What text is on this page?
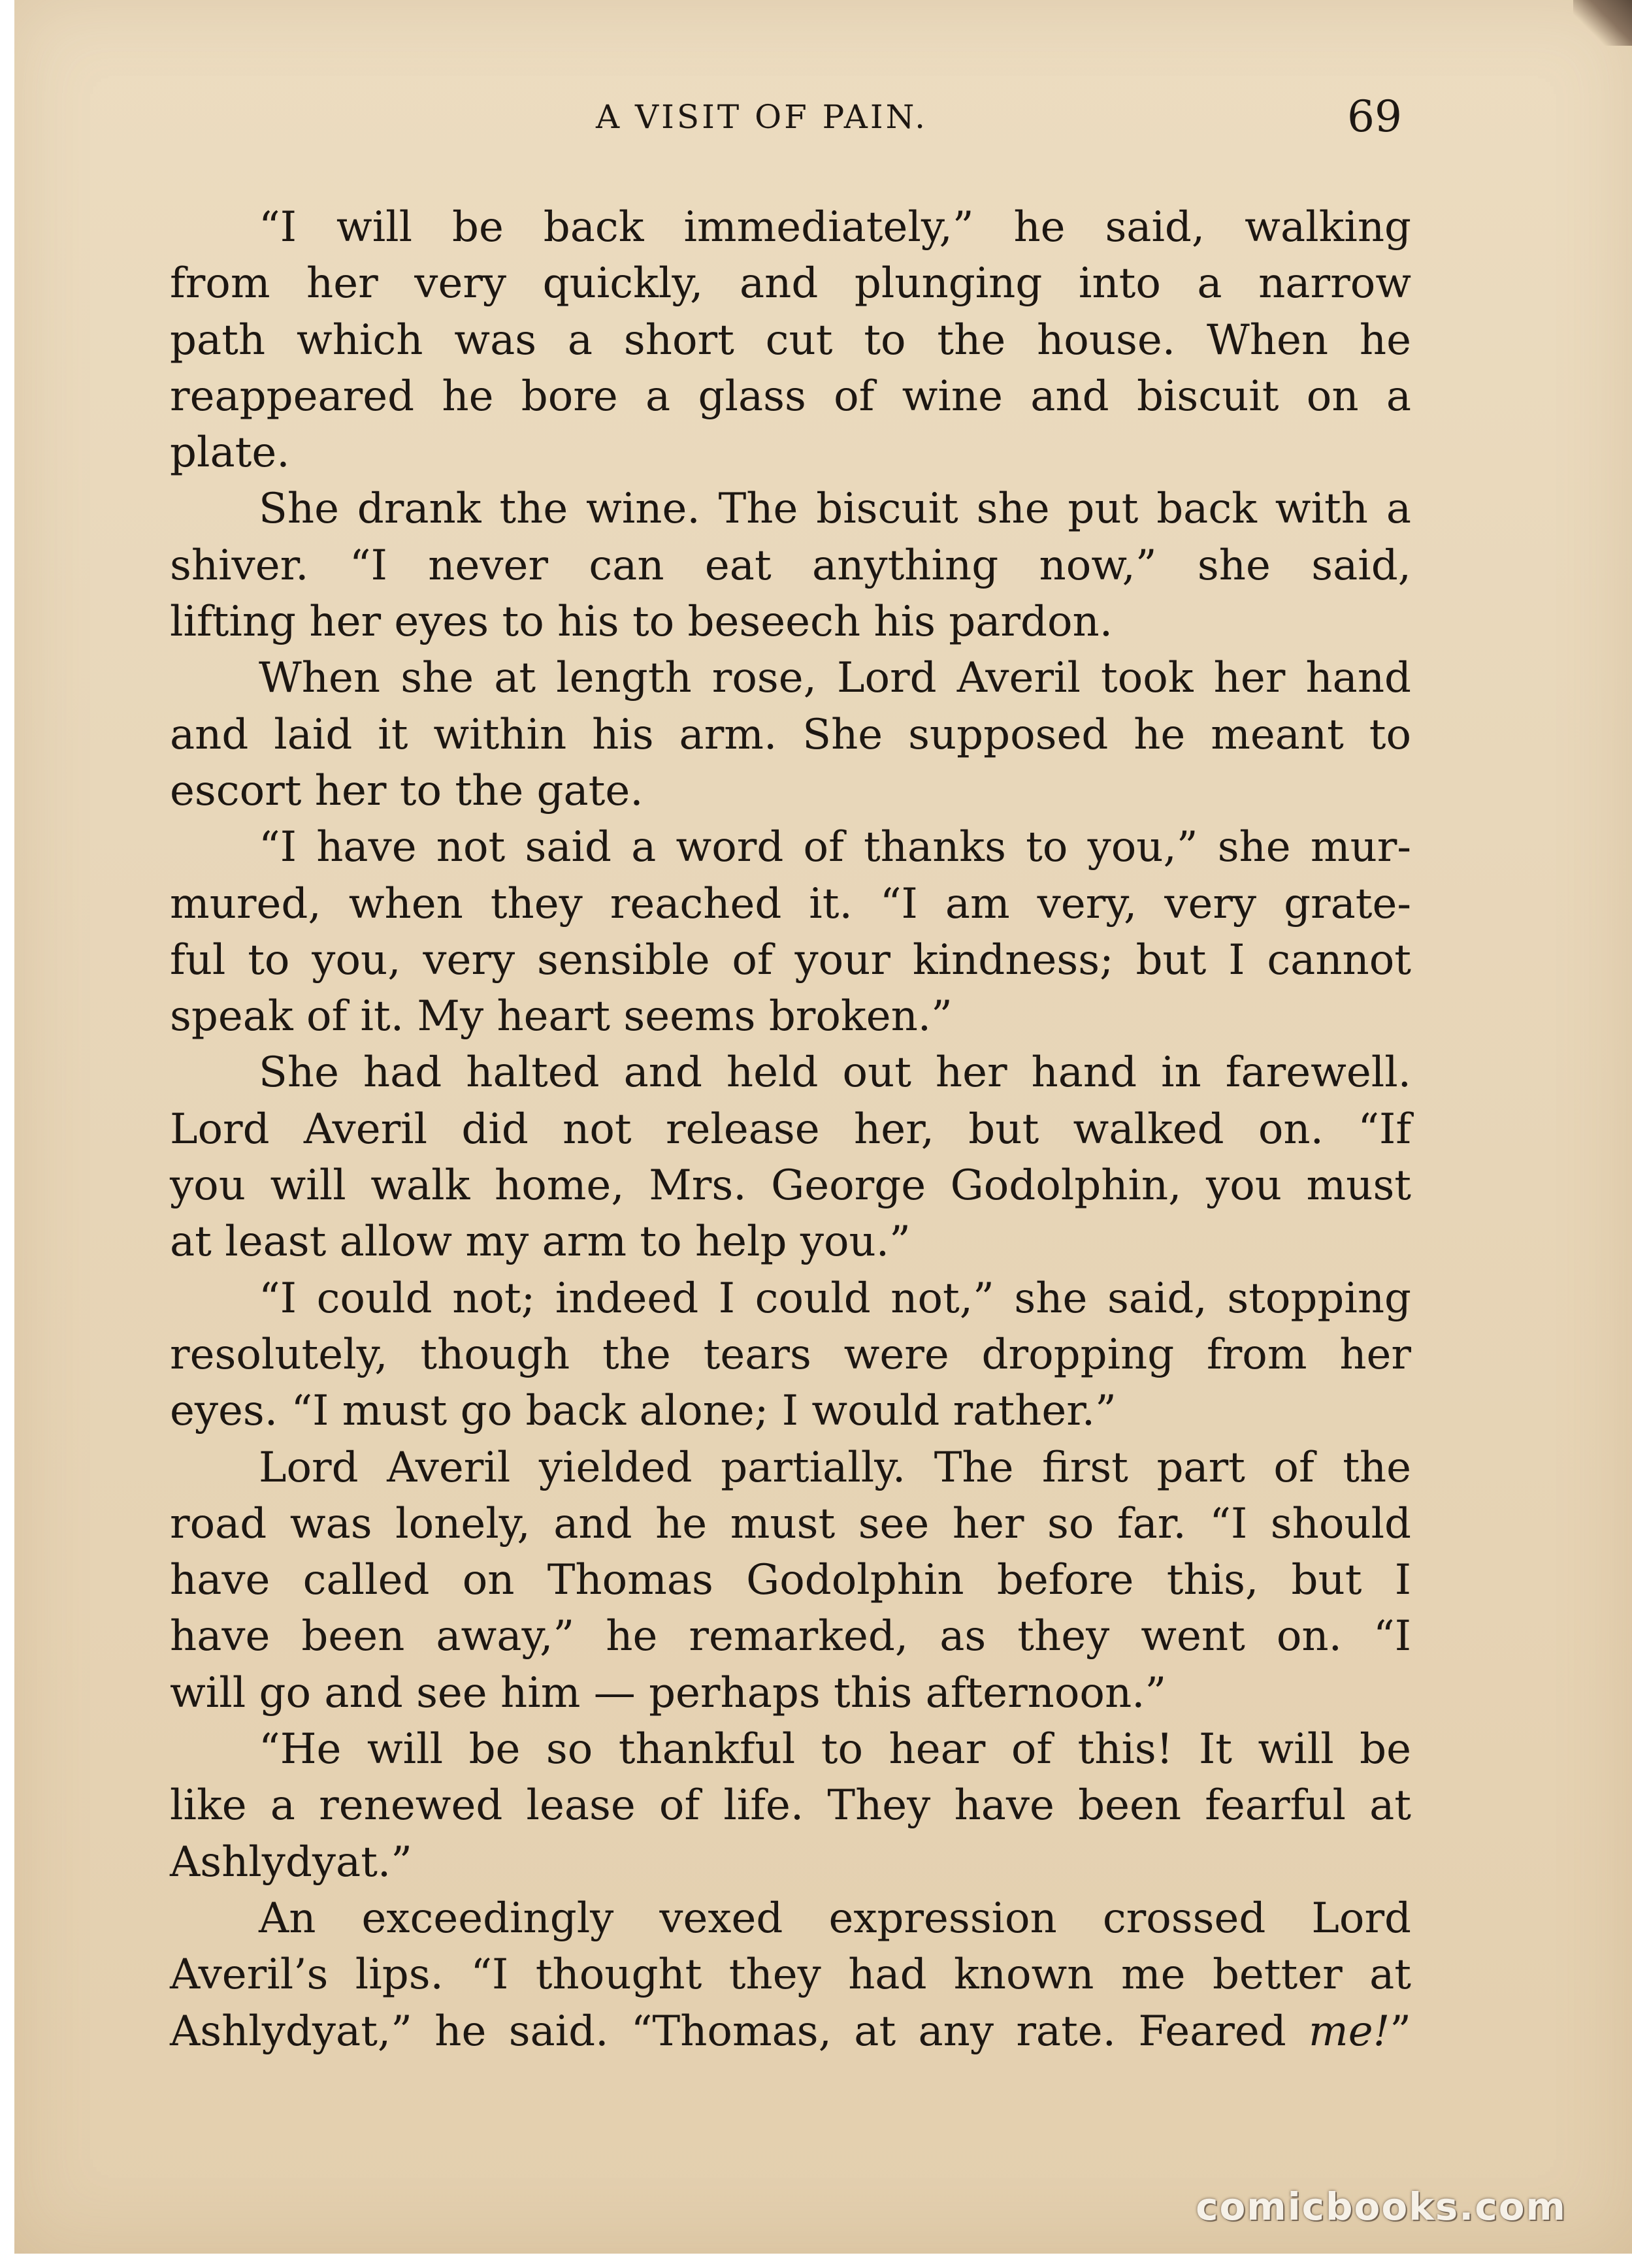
A VISIT OF PAIN.	69

“I will be back immediately,” he said, walking

from her very quickly, and plunging into a narrow

path which was a short cut to the house. When he

reappeared he bore a glass of wine and biscuit on a

plate.

She drank the wine. The biscuit she put back with a

shiver. “I never can eat anything now,” she said,

lifting her eyes to his to beseech his pardon.

When she at length rose, Lord Averil took her hand

and laid it within his arm. She supposed he meant to

escort her to the gate.

“I have not said a word of thanks to you,” she mur-

mured, when they reached it. “I am very, very grate-

ful to you, very sensible of your kindness; but I cannot

speak of it. My heart seems broken.”

She had halted and held out her hand in farewell.

Lord Averil did not release her, but walked on. “If

you will walk home, Mrs. George Godolphin, you must

at least allow my arm to help you.”

“I could not; indeed I could not,” she said, stopping

resolutely, though the tears were dropping from her

eyes. “I must go back alone; I would rather.”

Lord Averil yielded partially. The first part of the

road was lonely, and he must see her so far. “I should

have called on Thomas Godolphin before this, but I

have been away,” he remarked, as they went on. “I

will go and see him — perhaps this afternoon.”

“He will be so thankful to hear of this! It will be

like a renewed lease of life. They have been fearful at

Ashlydyat.”

An exceedingly vexed expression crossed Lord

Averil’s lips. “I thought they had known me better at

Ashlydyat,” he said. “Thomas, at any rate. Feared me!”

comicbooks.com
